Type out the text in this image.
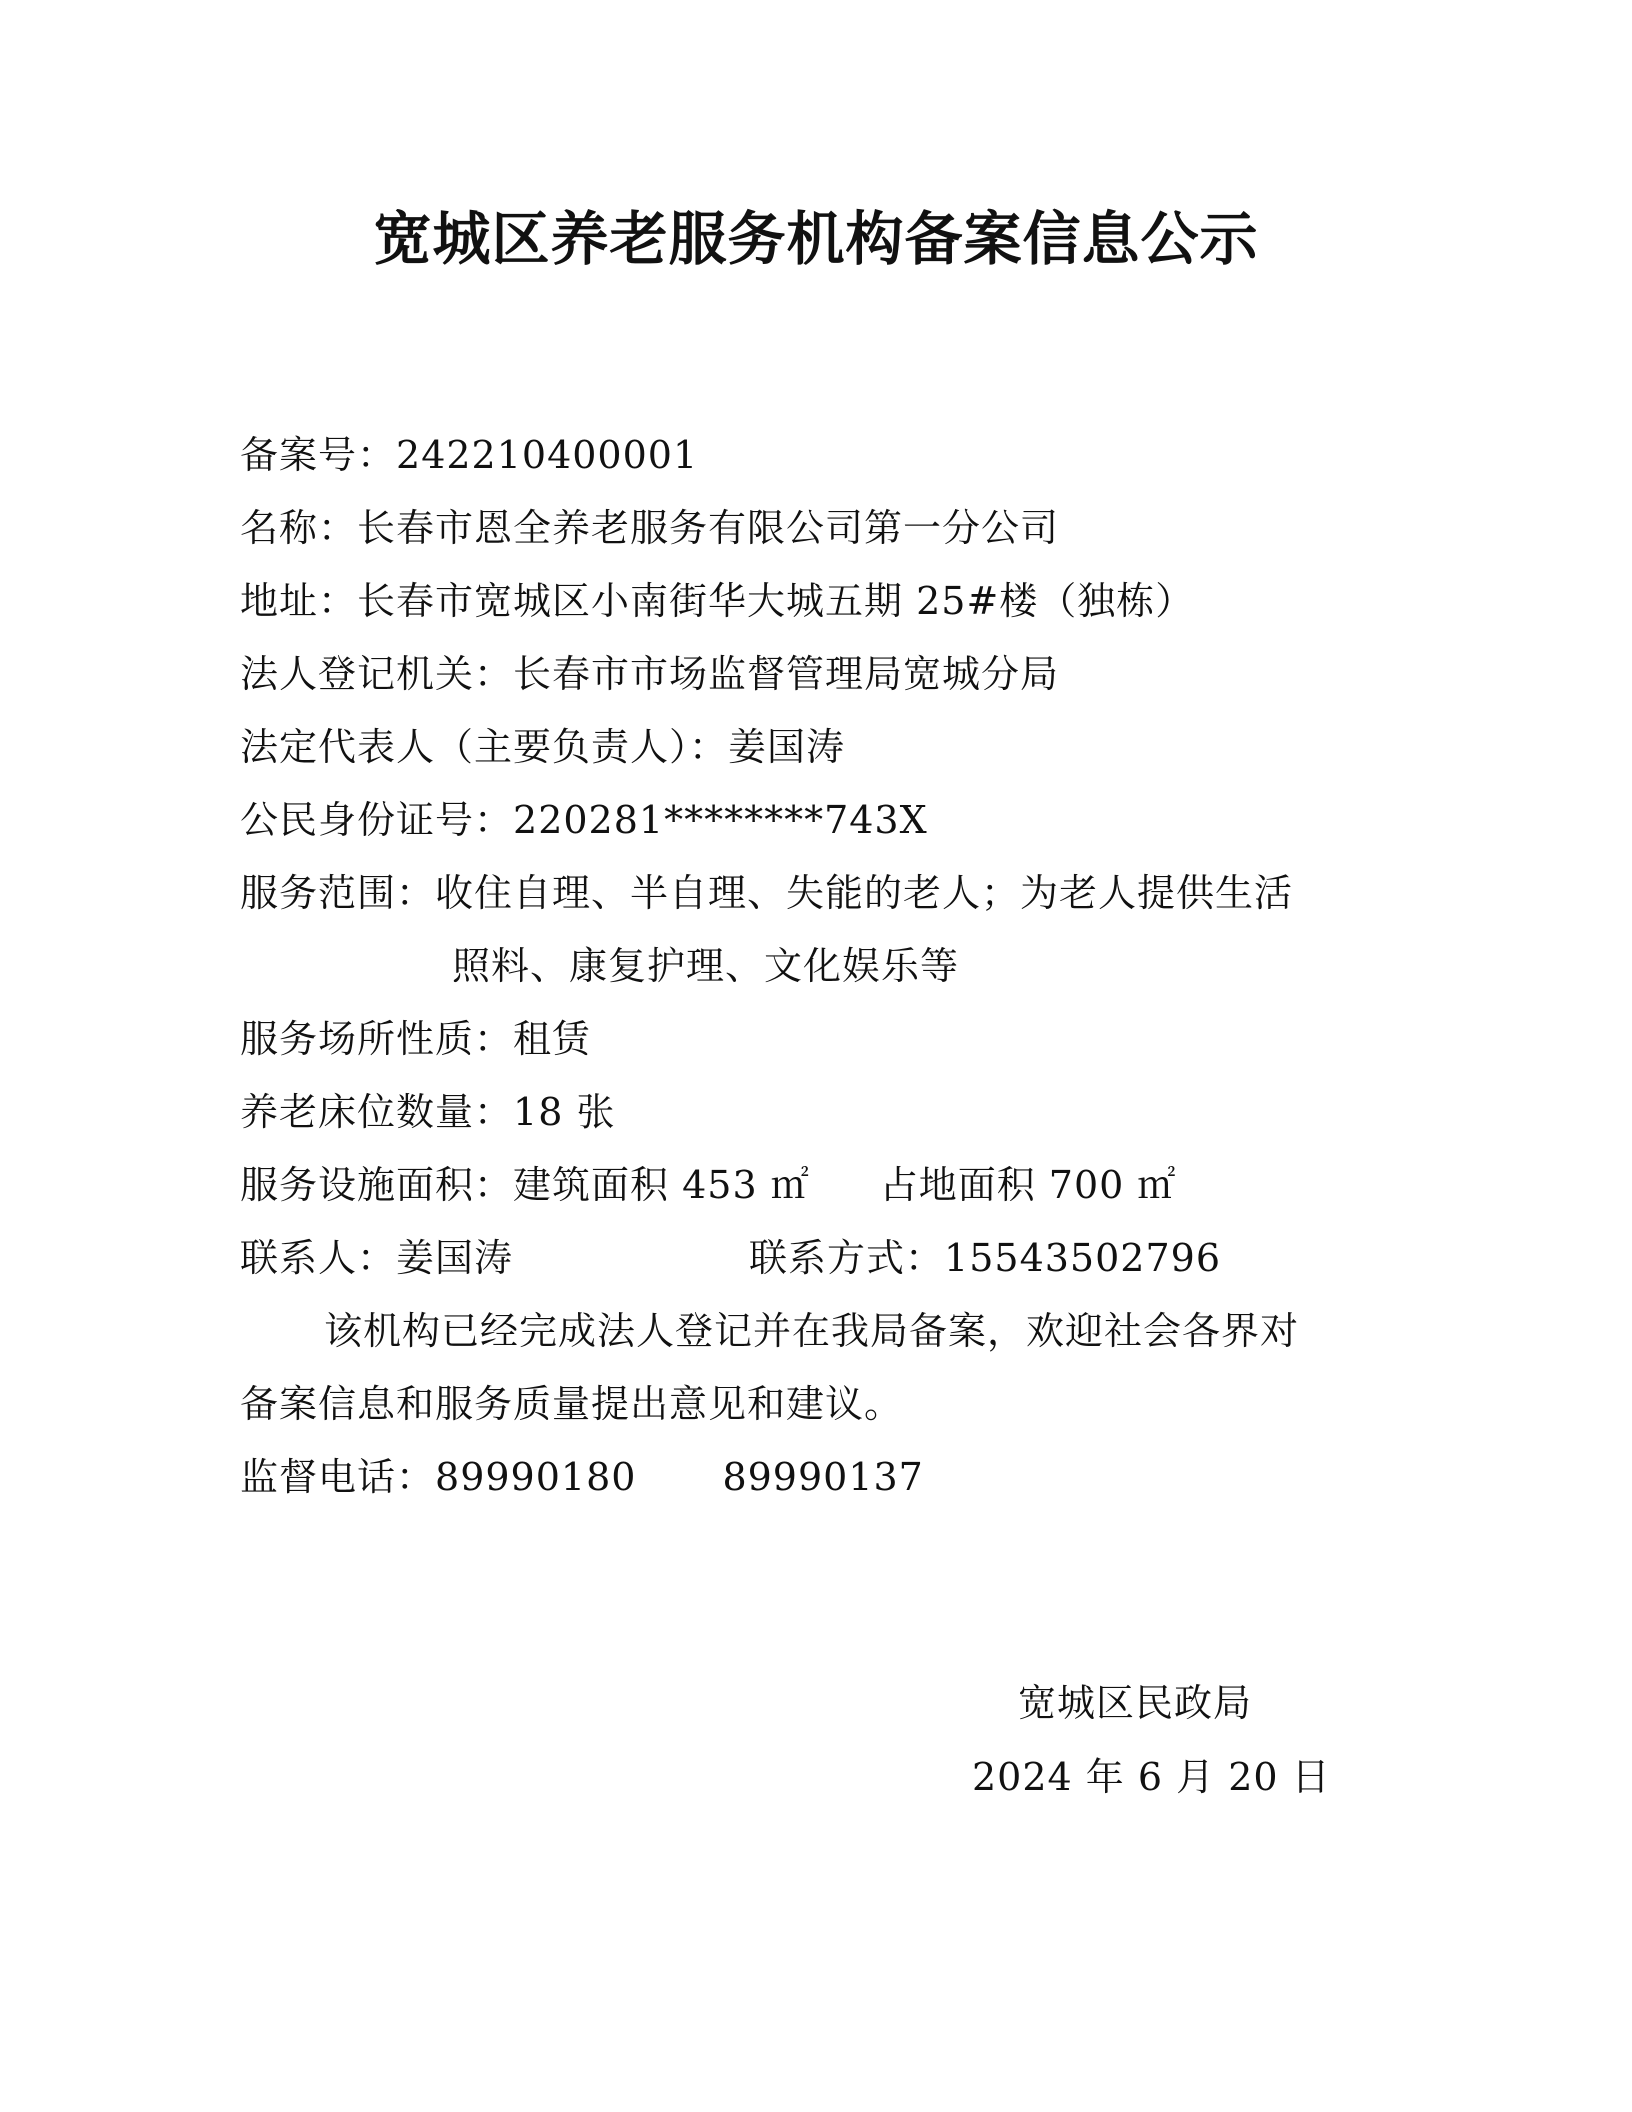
宽城区养老服务机构备案信息公示
备案号：242210400001
名称：长春市恩全养老服务有限公司第一分公司
地址：长春市宽城区小南街华大城五期 25#楼（独栋）
法人登记机关：长春市市场监督管理局宽城分局
法定代表人（主要负责人）：姜国涛
公民身份证号：220281********743X
服务范围：收住自理、半自理、失能的老人；为老人提供生活
照料、康复护理、文化娱乐等
服务场所性质：租赁
养老床位数量：18 张
服务设施面积：建筑面积 453 ㎡ 占地面积 700 ㎡
联系人：姜国涛	联系方式：15543502796
该机构已经完成法人登记并在我局备案，欢迎社会各界对
备案信息和服务质量提出意见和建议。
监督电话：89990180 89990137
宽城区民政局
2024 年 6 月 20 日
